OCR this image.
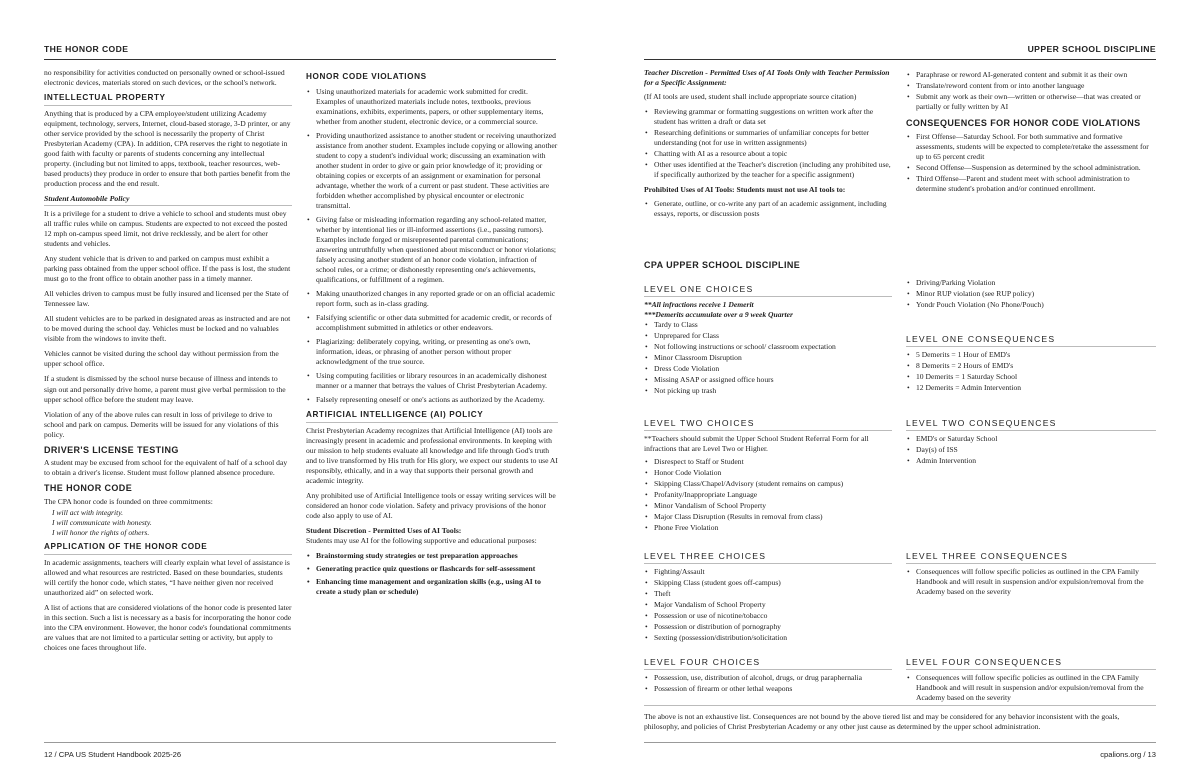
THE HONOR CODE

no responsibility for activities conducted on personally owned or school-issued electronic devices, materials stored on such devices, or the school's network.

INTELLECTUAL PROPERTY

Anything that is produced by a CPA employee/student utilizing Academy equipment, technology, servers, Internet, cloud-based storage, 3-D printer, or any other service provided by the school is necessarily the property of Christ Presbyterian Academy (CPA). In addition, CPA reserves the right to negotiate in good faith with faculty or parents of students concerning any intellectual property. (including but not limited to apps, textbook, teacher resources, web-based products) they produce in order to ensure that both parties benefit from the production process and the end result.

Student Automobile Policy

It is a privilege for a student to drive a vehicle to school and students must obey all traffic rules while on campus. Students are expected to not exceed the posted 12 mph on-campus speed limit, not drive recklessly, and be alert for other students and vehicles.

Any student vehicle that is driven to and parked on campus must exhibit a parking pass obtained from the upper school office. If the pass is lost, the student must go to the front office to obtain another pass in a timely manner.

All vehicles driven to campus must be fully insured and licensed per the State of Tennessee law.

All student vehicles are to be parked in designated areas as instructed and are not to be moved during the school day. Vehicles must be locked and no valuables visible from the windows to invite theft.

Vehicles cannot be visited during the school day without permission from the upper school office.

If a student is dismissed by the school nurse because of illness and intends to sign out and personally drive home, a parent must give verbal permission to the upper school office before the student may leave.

Violation of any of the above rules can result in loss of privilege to drive to school and park on campus. Demerits will be issued for any violations of this policy.

DRIVER'S LICENSE TESTING

A student may be excused from school for the equivalent of half of a school day to obtain a driver's license. Student must follow planned absence procedure.

THE HONOR CODE

The CPA honor code is founded on three commitments:

I will act with integrity.
I will communicate with honesty.
I will honor the rights of others.
APPLICATION OF THE HONOR CODE

In academic assignments, teachers will clearly explain what level of assistance is allowed and what resources are restricted. Based on these boundaries, students will certify the honor code, which states, “I have neither given nor received unauthorized aid” on selected work.

A list of actions that are considered violations of the honor code is presented later in this section. Such a list is necessary as a basis for incorporating the honor code into the CPA environment. However, the honor code's foundational commitments are values that are not limited to a particular setting or activity, but apply to choices one faces throughout life.

HONOR CODE VIOLATIONS
• Using unauthorized materials for academic work submitted for credit. Examples of unauthorized materials include notes, textbooks, previous examinations, exhibits, experiments, papers, or other supplementary items, whether from another student, electronic device, or a commercial source.
• Providing unauthorized assistance to another student or receiving unauthorized assistance from another student. Examples include copying or allowing another student to copy a student's individual work; discussing an examination with another student in order to give or gain prior knowledge of it; providing or obtaining copies or excerpts of an assignment or examination for personal advantage, whether the work of a current or past student. These activities are forbidden whether accomplished by physical encounter or electronic transmittal.
• Giving false or misleading information regarding any school-related matter, whether by intentional lies or ill-informed assertions (i.e., passing rumors). Examples include forged or misrepresented parental communications; answering untruthfully when questioned about misconduct or honor violations; falsely accusing another student of an honor code violation, infraction of school rules, or a crime; or dishonestly representing one's achievements, qualifications, or fulfillment of a regimen.
• Making unauthorized changes in any reported grade or on an official academic report form, such as in-class grading.
• Falsifying scientific or other data submitted for academic credit, or records of accomplishment submitted in athletics or other endeavors.
• Plagiarizing: deliberately copying, writing, or presenting as one's own, information, ideas, or phrasing of another person without proper acknowledgment of the true source.
• Using computing facilities or library resources in an academically dishonest manner or a manner that betrays the values of Christ Presbyterian Academy.
• Falsely representing oneself or one's actions as authorized by the Academy.
ARTIFICIAL INTELLIGENCE (AI) POLICY

Christ Presbyterian Academy recognizes that Artificial Intelligence (AI) tools are increasingly present in academic and professional environments. In keeping with our mission to help students evaluate all knowledge and life through God's truth and to live transformed by His truth for His glory, we expect our students to use AI responsibly, ethically, and in a way that supports their personal growth and academic integrity.

Any prohibited use of Artificial Intelligence tools or essay writing services will be considered an honor code violation. Safety and privacy provisions of the honor code also apply to use of AI.

Student Discretion - Permitted Uses of AI Tools:

Students may use AI for the following supportive and educational purposes:

• Brainstorming study strategies or test preparation approaches
• Generating practice quiz questions or flashcards for self-assessment
• Enhancing time management and organization skills (e.g., using AI to create a study plan or schedule)
12 / CPA US Student Handbook 2025-26
UPPER SCHOOL DISCIPLINE
Teacher Discretion - Permitted Uses of AI Tools Only with Teacher Permission for a Specific Assignment:

(If AI tools are used, student shall include appropriate source citation)

• Reviewing grammar or formatting suggestions on written work after the student has written a draft or data set
• Researching definitions or summaries of unfamiliar concepts for better understanding (not for use in written assignments)
• Chatting with AI as a resource about a topic
• Other uses identified at the Teacher's discretion (including any prohibited use, if specifically authorized by the teacher for a specific assignment)
Prohibited Uses of AI Tools: Students must not use AI tools to:
• Generate, outline, or co-write any part of an academic assignment, including essays, reports, or discussion posts
• Paraphrase or reword AI-generated content and submit it as their own
• Translate/reword content from or into another language
• Submit any work as their own—written or otherwise—that was created or partially or fully written by AI
CONSEQUENCES FOR HONOR CODE VIOLATIONS
• First Offense—Saturday School. For both summative and formative assessments, students will be expected to complete/retake the assessment for up to 65 percent credit
• Second Offense—Suspension as determined by the school administration.
• Third Offense—Parent and student meet with school administration to determine student's probation and/or continued enrollment.
CPA UPPER SCHOOL DISCIPLINE
LEVEL ONE CHOICES
**All infractions receive 1 Demerit
***Demerits accumulate over a 9 week Quarter
• Tardy to Class
• Unprepared for Class
• Not following instructions or school/ classroom expectation
• Minor Classroom Disruption
• Dress Code Violation
• Missing ASAP or assigned office hours
• Not picking up trash
• Driving/Parking Violation
• Minor RUP violation (see RUP policy)
• Yondr Pouch Violation (No Phone/Pouch)
LEVEL ONE CONSEQUENCES
• 5 Demerits = 1 Hour of EMD's
• 8 Demerits = 2 Hours of EMD's
• 10 Demerits = 1 Saturday School
• 12 Demerits = Admin Intervention
LEVEL TWO CHOICES

**Teachers should submit the Upper School Student Referral Form for all infractions that are Level Two or Higher.

• Disrespect to Staff or Student
• Honor Code Violation
• Skipping Class/Chapel/Advisory (student remains on campus)
• Profanity/Inappropriate Language
• Minor Vandalism of School Property
• Major Class Disruption (Results in removal from class)
• Phone Free Violation
LEVEL TWO CONSEQUENCES
• EMD's or Saturday School
• Day(s) of ISS
• Admin Intervention
LEVEL THREE CHOICES
• Fighting/Assault
• Skipping Class (student goes off-campus)
• Theft
• Major Vandalism of School Property
• Possession or use of nicotine/tobacco
• Possession or distribution of pornography
• Sexting (possession/distribution/solicitation
LEVEL THREE CONSEQUENCES
• Consequences will follow specific policies as outlined in the CPA Family Handbook and will result in suspension and/or expulsion/removal from the Academy based on the severity
LEVEL FOUR CHOICES
• Possession, use, distribution of alcohol, drugs, or drug paraphernalia
• Possession of firearm or other lethal weapons
LEVEL FOUR CONSEQUENCES
• Consequences will follow specific policies as outlined in the CPA Family Handbook and will result in suspension and/or expulsion/removal from the Academy based on the severity

The above is not an exhaustive list. Consequences are not bound by the above tiered list and may be considered for any behavior inconsistent with the goals, philosophy, and policies of Christ Presbyterian Academy or any other just cause as determined by the upper school administration.

cpalions.org / 13
